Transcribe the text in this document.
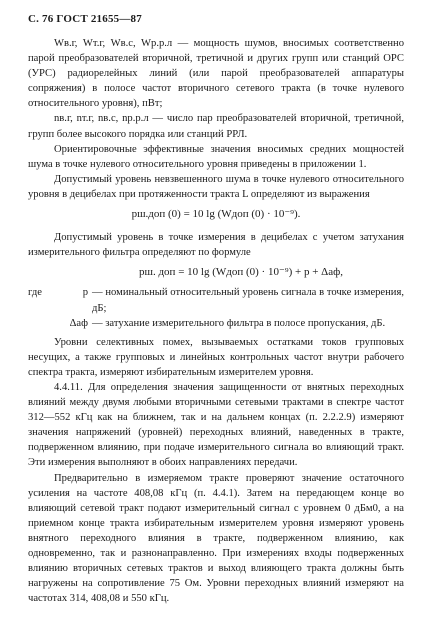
С. 76 ГОСТ 21655—87

Wв.г, Wт.г, Wв.с, Wр.р.л — мощность шумов, вносимых соответственно парой преобразователей вторичной, третичной и других групп или станций ОРС (УРС) радиорелейных линий (или парой преобразователей аппаратуры сопряжения) в полосе частот вторичного сетевого тракта (в точке нулевого относительного уровня), пВт;

nв.г, nт.г, nв.с, nр.р.л — число пар преобразователей вторичной, третичной, групп более высокого порядка или станций РРЛ.

Ориентировочные эффективные значения вносимых средних мощностей шума в точке нулевого относительного уровня приведены в приложении 1.

Допустимый уровень невзвешенного шума в точке нулевого относительного уровня в децибелах при протяженности тракта L определяют из выражения

pш.доп (0) = 10 lg (Wдоп (0) · 10⁻⁹).

Допустимый уровень в точке измерения в децибелах с учетом затухания измерительного фильтра определяют по формуле

pш. доп = 10 lg (Wдоп (0) · 10⁻⁹) + p + Δaф,
где	p — номинальный относительный уровень сигнала в точке измерения, дБ;
Δaф — затухание измерительного фильтра в полосе пропускания, дБ.

Уровни селективных помех, вызываемых остатками токов групповых несущих, а также групповых и линейных контрольных частот внутри рабочего спектра тракта, измеряют избирательным измерителем уровня.

4.4.11. Для определения значения защищенности от внятных переходных влияний между двумя любыми вторичными сетевыми трактами в спектре частот 312—552 кГц как на ближнем, так и на дальнем концах (п. 2.2.2.9) измеряют значения напряжений (уровней) переходных влияний, наведенных в тракте, подверженном влиянию, при подаче измерительного сигнала во влияющий тракт. Эти измерения выполняют в обоих направлениях передачи.

Предварительно в измеряемом тракте проверяют значение остаточного усиления на частоте 408,08 кГц (п. 4.4.1). Затем на передающем конце во влияющий сетевой тракт подают измерительный сигнал с уровнем 0 дБм0, а на приемном конце тракта избирательным измерителем уровня измеряют уровень внятного переходного влияния в тракте, подверженном влиянию, как одновременно, так и разнонаправленно. При измерениях входы подверженных влиянию вторичных сетевых трактов и выход влияющего тракта должны быть нагружены на сопротивление 75 Ом. Уровни переходных влияний измеряют на частотах 314, 408,08 и 550 кГц.
